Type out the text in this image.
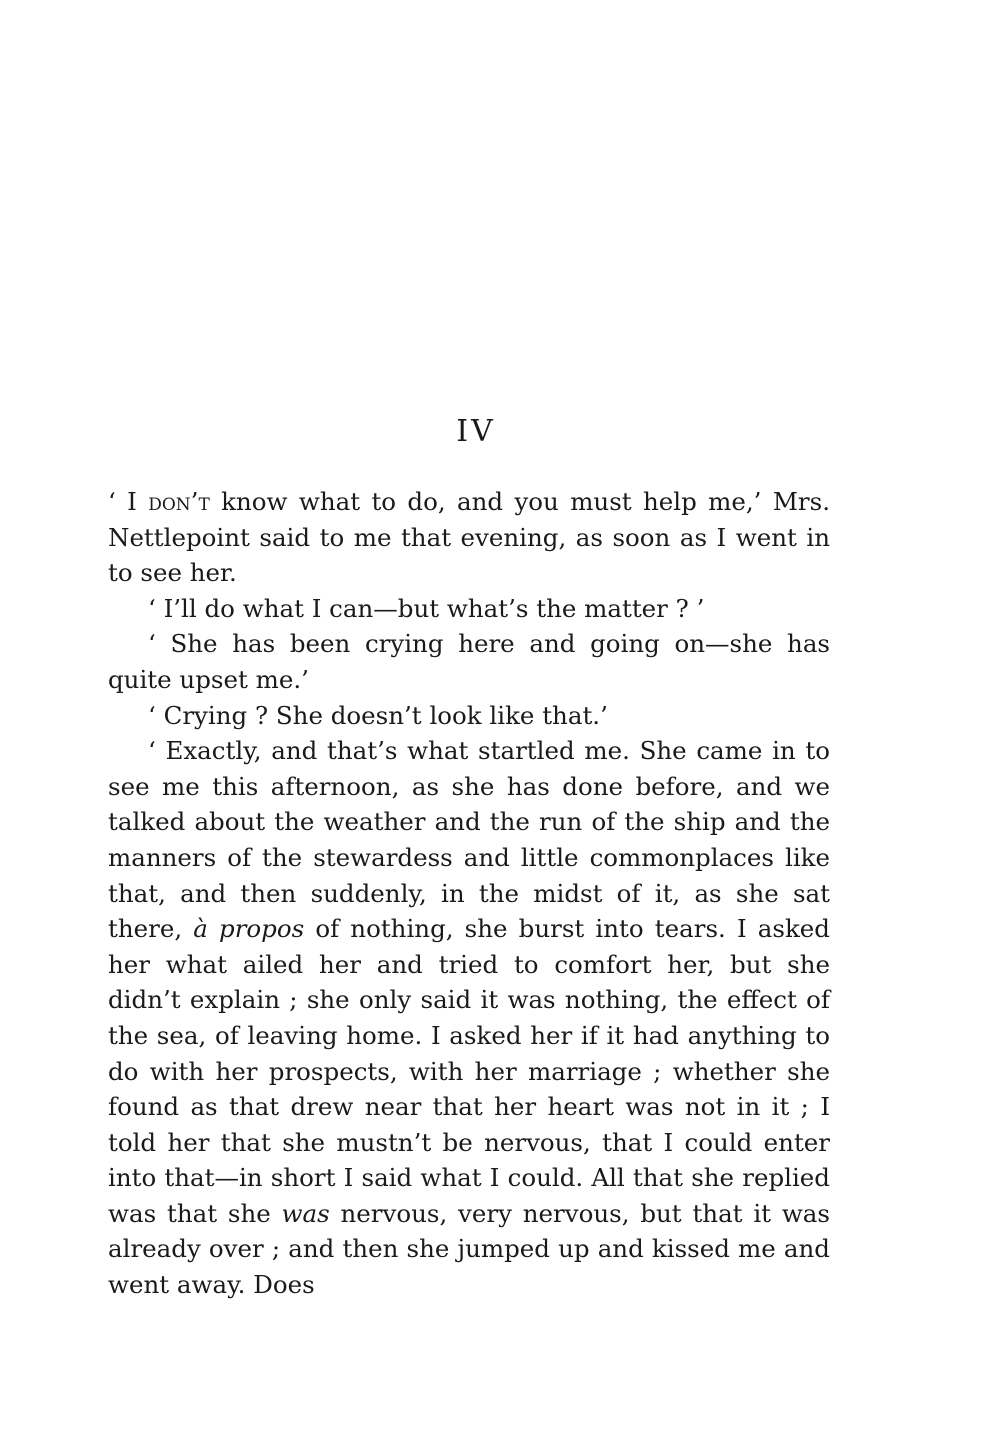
IV

‘ I don’t know what to do, and you must help me,’ Mrs. Nettlepoint said to me that evening, as soon as I went in to see her.

‘ I’ll do what I can—but what’s the matter ? ’

‘ She has been crying here and going on—she has quite upset me.’

‘ Crying ? She doesn’t look like that.’

‘ Exactly, and that’s what startled me. She came in to see me this afternoon, as she has done before, and we talked about the weather and the run of the ship and the manners of the stewardess and little commonplaces like that, and then suddenly, in the midst of it, as she sat there, à propos of nothing, she burst into tears. I asked her what ailed her and tried to comfort her, but she didn’t explain ; she only said it was nothing, the effect of the sea, of leaving home. I asked her if it had anything to do with her prospects, with her marriage ; whether she found as that drew near that her heart was not in it ; I told her that she mustn’t be nervous, that I could enter into that—in short I said what I could. All that she replied was that she was nervous, very nervous, but that it was already over ; and then she jumped up and kissed me and went away. Does
